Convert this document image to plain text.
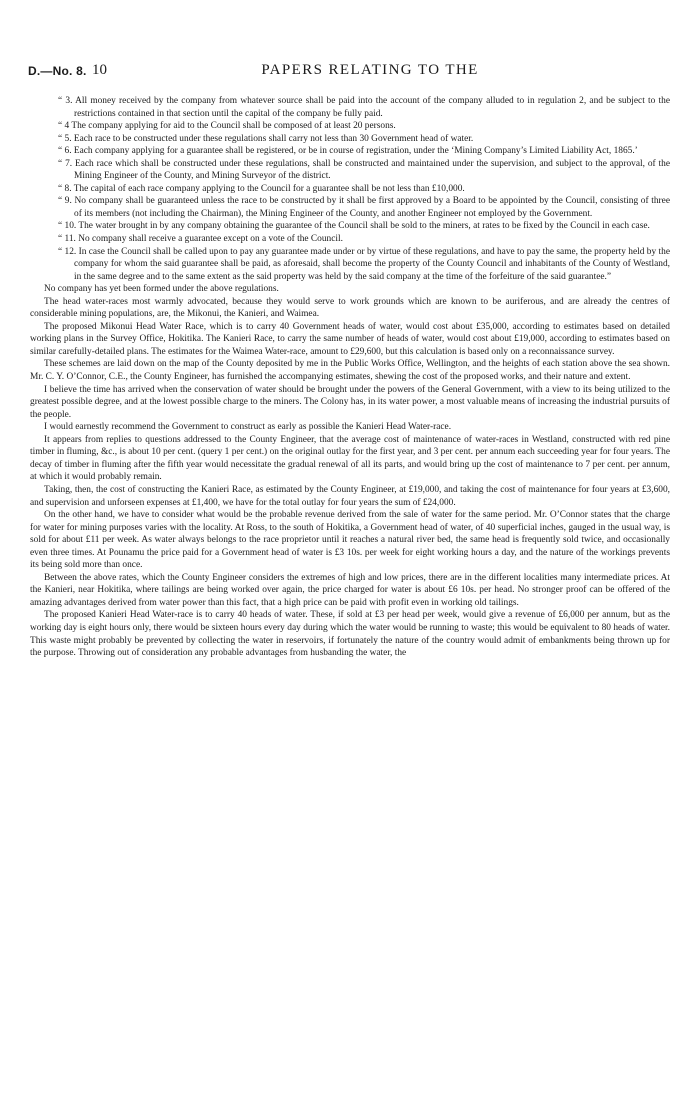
D.—No. 8. 10	PAPERS RELATING TO THE

“ 3. All money received by the company from whatever source shall be paid into the account of the company alluded to in regulation 2, and be subject to the restrictions contained in that section until the capital of the company be fully paid.

“ 4 The company applying for aid to the Council shall be composed of at least 20 persons.

“ 5. Each race to be constructed under these regulations shall carry not less than 30 Government head of water.

“ 6. Each company applying for a guarantee shall be registered, or be in course of registration, under the ‘Mining Company’s Limited Liability Act, 1865.’

“ 7. Each race which shall be constructed under these regulations, shall be constructed and maintained under the supervision, and subject to the approval, of the Mining Engineer of the County, and Mining Surveyor of the district.

“ 8. The capital of each race company applying to the Council for a guarantee shall be not less than £10,000.

“ 9. No company shall be guaranteed unless the race to be constructed by it shall be first approved by a Board to be appointed by the Council, consisting of three of its members (not including the Chairman), the Mining Engineer of the County, and another Engineer not employed by the Government.

“ 10. The water brought in by any company obtaining the guarantee of the Council shall be sold to the miners, at rates to be fixed by the Council in each case.

“ 11. No company shall receive a guarantee except on a vote of the Council.

“ 12. In case the Council shall be called upon to pay any guarantee made under or by virtue of these regulations, and have to pay the same, the property held by the company for whom the said guarantee shall be paid, as aforesaid, shall become the property of the County Council and inhabitants of the County of Westland, in the same degree and to the same extent as the said property was held by the said company at the time of the forfeiture of the said guarantee.”

No company has yet been formed under the above regulations.

The head water-races most warmly advocated, because they would serve to work grounds which are known to be auriferous, and are already the centres of considerable mining populations, are, the Mikonui, the Kanieri, and Waimea.

The proposed Mikonui Head Water Race, which is to carry 40 Government heads of water, would cost about £35,000, according to estimates based on detailed working plans in the Survey Office, Hokitika. The Kanieri Race, to carry the same number of heads of water, would cost about £19,000, according to estimates based on similar carefully-detailed plans. The estimates for the Waimea Water-race, amount to £29,600, but this calculation is based only on a reconnaissance survey.

These schemes are laid down on the map of the County deposited by me in the Public Works Office, Wellington, and the heights of each station above the sea shown. Mr. C. Y. O’Connor, C.E., the County Engineer, has furnished the accompanying estimates, shewing the cost of the proposed works, and their nature and extent.

I believe the time has arrived when the conservation of water should be brought under the powers of the General Government, with a view to its being utilized to the greatest possible degree, and at the lowest possible charge to the miners. The Colony has, in its water power, a most valuable means of increasing the industrial pursuits of the people.

I would earnestly recommend the Government to construct as early as possible the Kanieri Head Water-race.

It appears from replies to questions addressed to the County Engineer, that the average cost of maintenance of water-races in Westland, constructed with red pine timber in fluming, &c., is about 10 per cent. (query 1 per cent.) on the original outlay for the first year, and 3 per cent. per annum each succeeding year for four years. The decay of timber in fluming after the fifth year would necessitate the gradual renewal of all its parts, and would bring up the cost of maintenance to 7 per cent. per annum, at which it would probably remain.

Taking, then, the cost of constructing the Kanieri Race, as estimated by the County Engineer, at £19,000, and taking the cost of maintenance for four years at £3,600, and supervision and unforseen expenses at £1,400, we have for the total outlay for four years the sum of £24,000.

On the other hand, we have to consider what would be the probable revenue derived from the sale of water for the same period. Mr. O’Connor states that the charge for water for mining purposes varies with the locality. At Ross, to the south of Hokitika, a Government head of water, of 40 superficial inches, gauged in the usual way, is sold for about £11 per week. As water always belongs to the race proprietor until it reaches a natural river bed, the same head is frequently sold twice, and occasionally even three times. At Pounamu the price paid for a Government head of water is £3 10s. per week for eight working hours a day, and the nature of the workings prevents its being sold more than once.

Between the above rates, which the County Engineer considers the extremes of high and low prices, there are in the different localities many intermediate prices. At the Kanieri, near Hokitika, where tailings are being worked over again, the price charged for water is about £6 10s. per head. No stronger proof can be offered of the amazing advantages derived from water power than this fact, that a high price can be paid with profit even in working old tailings.

The proposed Kanieri Head Water-race is to carry 40 heads of water. These, if sold at £3 per head per week, would give a revenue of £6,000 per annum, but as the working day is eight hours only, there would be sixteen hours every day during which the water would be running to waste; this would be equivalent to 80 heads of water. This waste might probably be prevented by collecting the water in reservoirs, if fortunately the nature of the country would admit of embankments being thrown up for the purpose. Throwing out of consideration any probable advantages from husbanding the water, the
